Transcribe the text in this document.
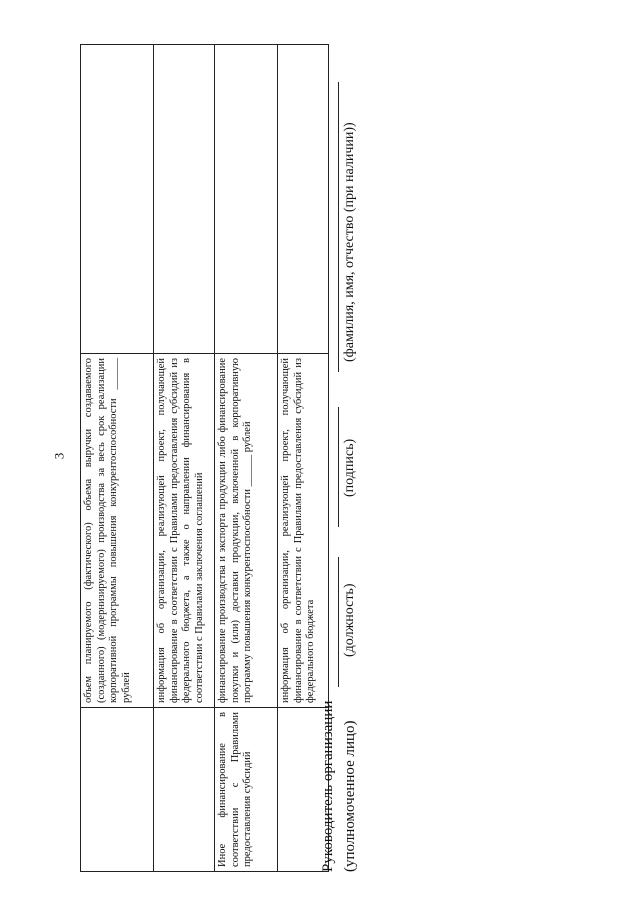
3
	объем планируемого (фактического) объема выручки создаваемого (созданного) (модернизируемого) производства за весь срок реализации корпоративной программы повышения конкурентоспособности ______ рублей	
	информация об организации, реализующей проект, получающей финансирование в соответствии с Правилами предоставления субсидий из федерального бюджета, а также о направлении финансирования в соответствии с Правилами заключения соглашений	
Иное финансирование в соответствии с Правилами предоставления субсидий	финансирование производства и экспорта продукции либо финансирование покупки и (или) доставки продукции, включенной в корпоративную программу повышения конкурентоспособности ______ рублей	
	информация об организации, реализующей проект, получающей финансирование в соответствии с Правилами предоставления субсидий из федерального бюджета	
Руководитель организации (уполномоченное лицо)
(должность)
(подпись)
(фамилия, имя, отчество (при наличии))
